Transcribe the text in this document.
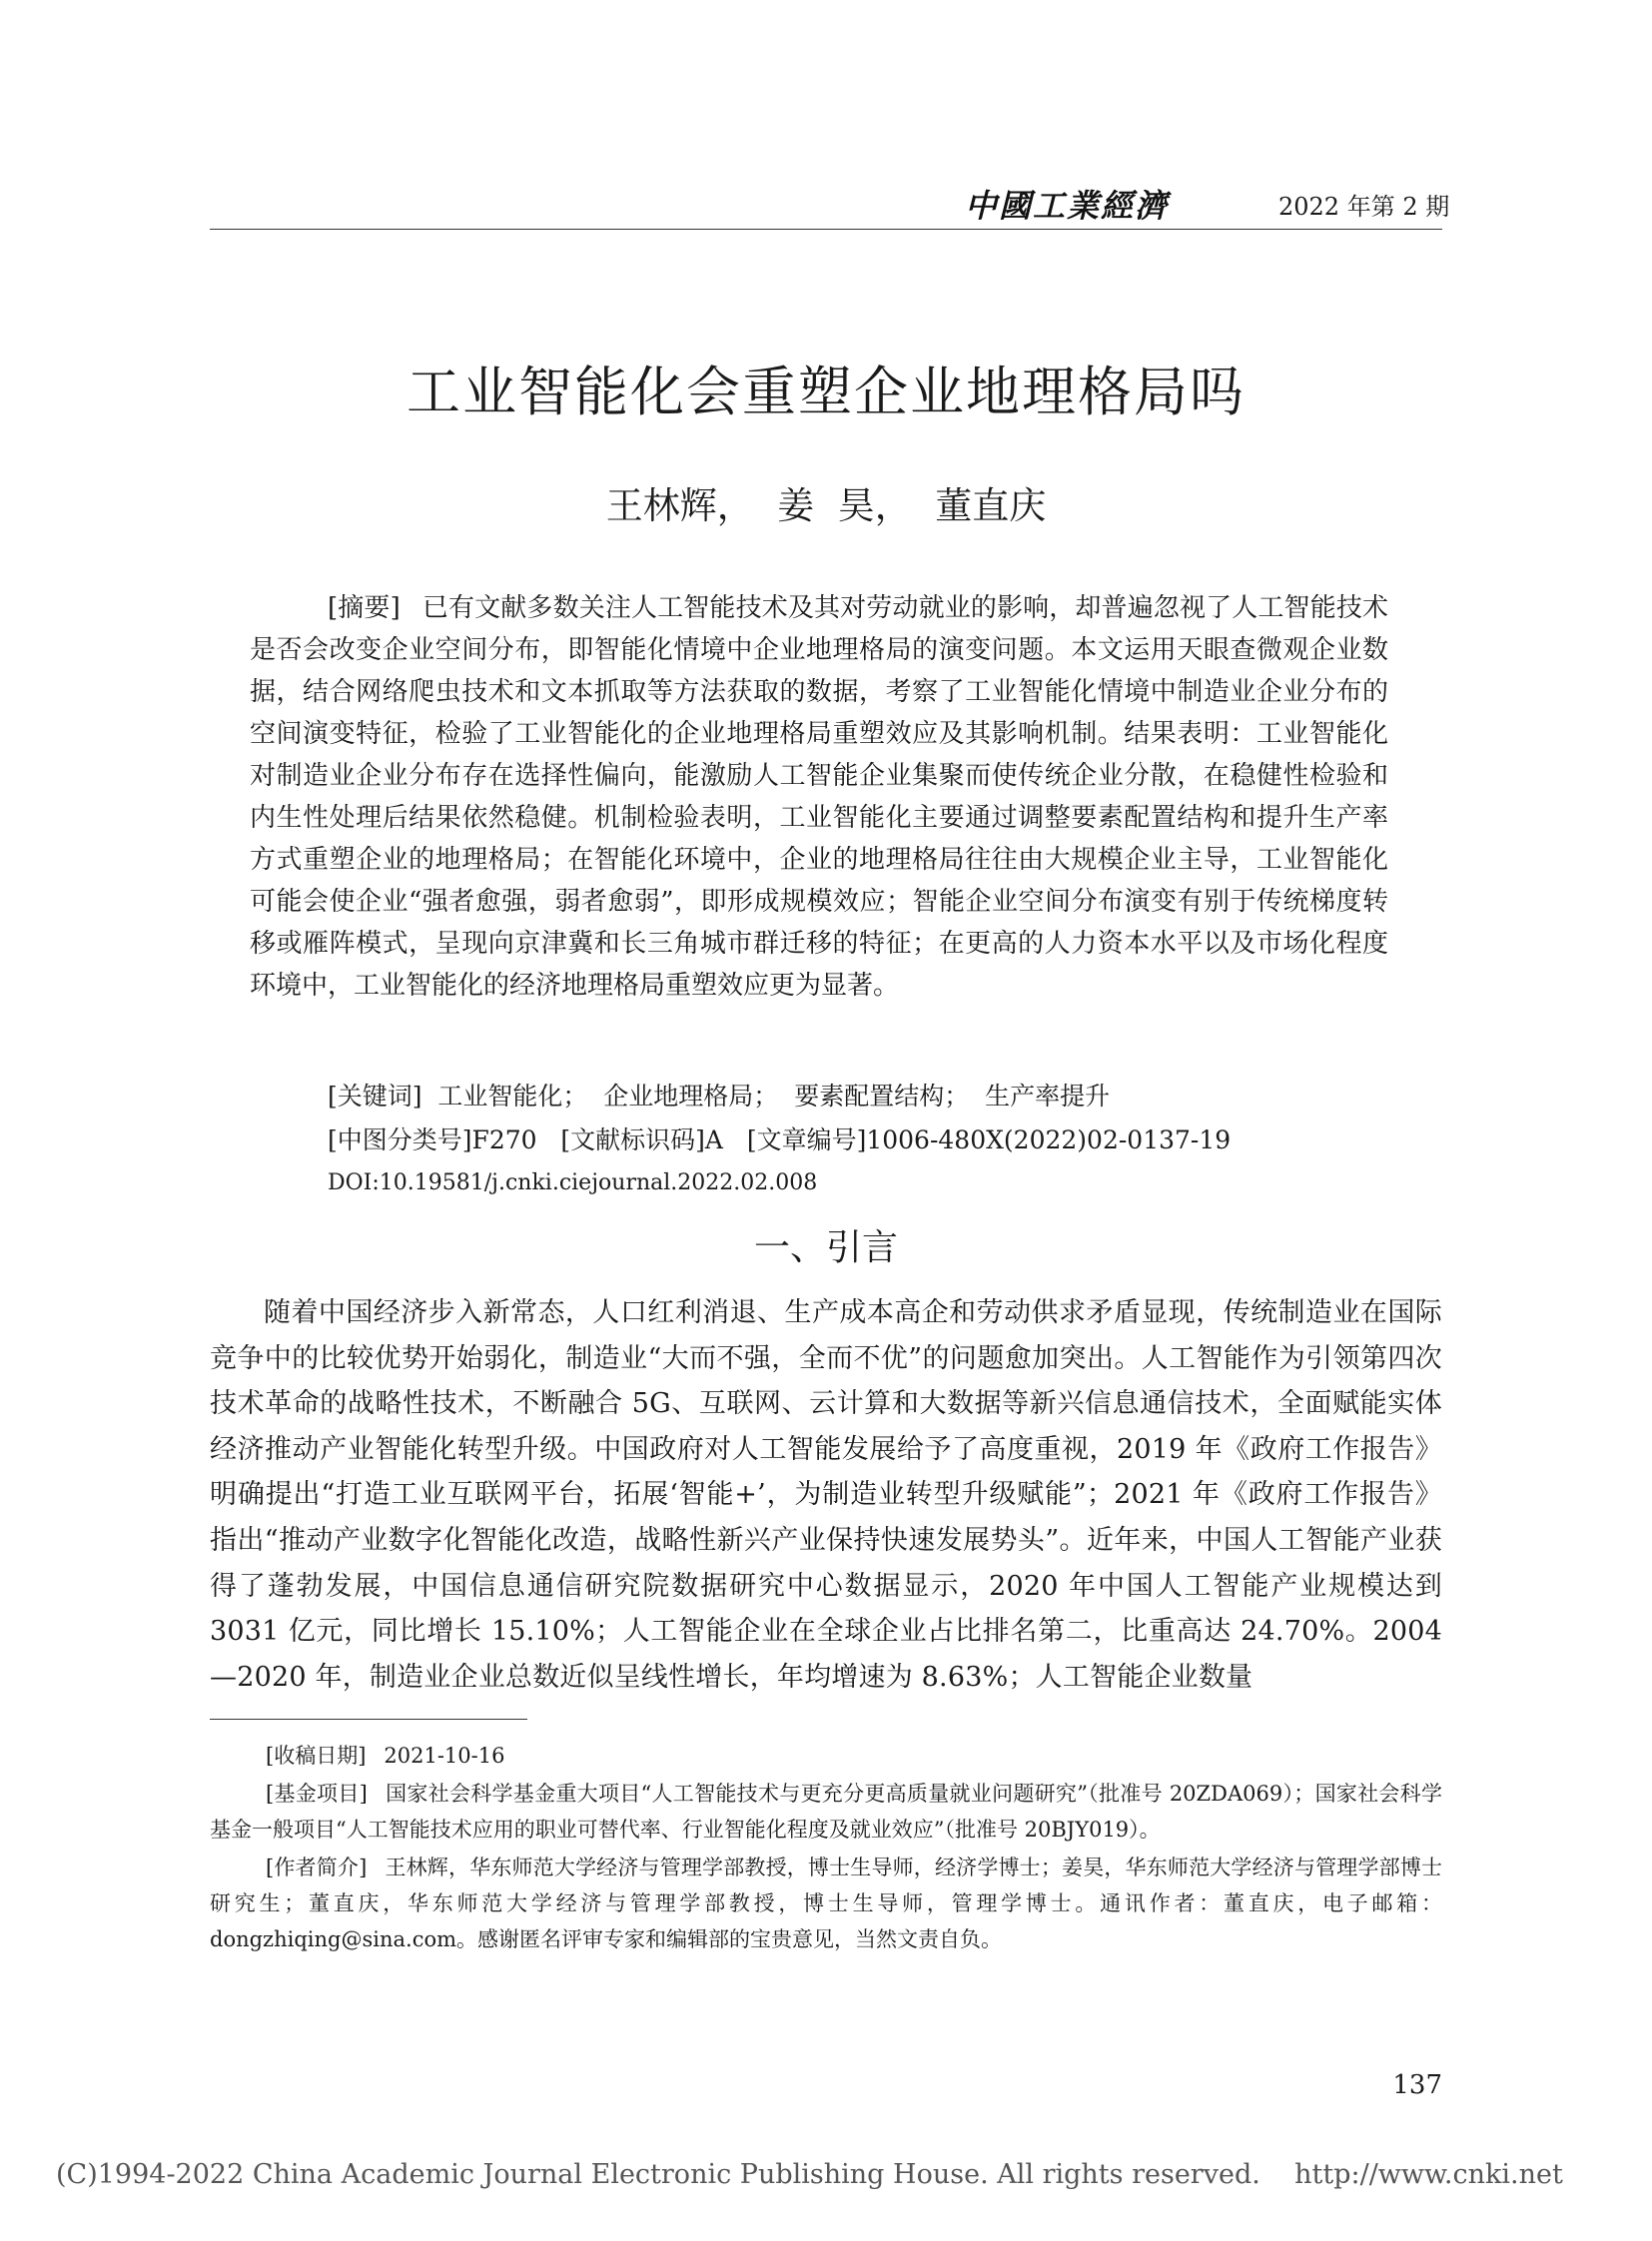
中國工業經濟	2022 年第 2 期
工业智能化会重塑企业地理格局吗
王林辉，  姜  昊，  董直庆
[摘要] 已有文献多数关注人工智能技术及其对劳动就业的影响，却普遍忽视了人工智能技术是否会改变企业空间分布，即智能化情境中企业地理格局的演变问题。本文运用天眼查微观企业数据，结合网络爬虫技术和文本抓取等方法获取的数据，考察了工业智能化情境中制造业企业分布的空间演变特征，检验了工业智能化的企业地理格局重塑效应及其影响机制。结果表明：工业智能化对制造业企业分布存在选择性偏向，能激励人工智能企业集聚而使传统企业分散，在稳健性检验和内生性处理后结果依然稳健。机制检验表明，工业智能化主要通过调整要素配置结构和提升生产率方式重塑企业的地理格局；在智能化环境中，企业的地理格局往往由大规模企业主导，工业智能化可能会使企业“强者愈强，弱者愈弱”，即形成规模效应；智能企业空间分布演变有别于传统梯度转移或雁阵模式，呈现向京津冀和长三角城市群迁移的特征；在更高的人力资本水平以及市场化程度环境中，工业智能化的经济地理格局重塑效应更为显著。
[关键词]  工业智能化；  企业地理格局；  要素配置结构；  生产率提升
[中图分类号]F270   [文献标识码]A   [文章编号]1006-480X(2022)02-0137-19
DOI:10.19581/j.cnki.ciejournal.2022.02.008
一、引言
随着中国经济步入新常态，人口红利消退、生产成本高企和劳动供求矛盾显现，传统制造业在国际竞争中的比较优势开始弱化，制造业“大而不强，全而不优”的问题愈加突出。人工智能作为引领第四次技术革命的战略性技术，不断融合 5G、互联网、云计算和大数据等新兴信息通信技术，全面赋能实体经济推动产业智能化转型升级。中国政府对人工智能发展给予了高度重视，2019 年《政府工作报告》明确提出“打造工业互联网平台，拓展‘智能+’，为制造业转型升级赋能”；2021 年《政府工作报告》指出“推动产业数字化智能化改造，战略性新兴产业保持快速发展势头”。近年来，中国人工智能产业获得了蓬勃发展，中国信息通信研究院数据研究中心数据显示，2020 年中国人工智能产业规模达到 3031 亿元，同比增长 15.10%；人工智能企业在全球企业占比排名第二，比重高达 24.70%。2004—2020 年，制造业企业总数近似呈线性增长，年均增速为 8.63%；人工智能企业数量

[收稿日期] 2021-10-16

[基金项目] 国家社会科学基金重大项目“人工智能技术与更充分更高质量就业问题研究”（批准号 20ZDA069）；国家社会科学基金一般项目“人工智能技术应用的职业可替代率、行业智能化程度及就业效应”（批准号 20BJY019）。

[作者简介] 王林辉，华东师范大学经济与管理学部教授，博士生导师，经济学博士；姜昊，华东师范大学经济与管理学部博士研究生；董直庆，华东师范大学经济与管理学部教授，博士生导师，管理学博士。通讯作者：董直庆，电子邮箱：dongzhiqing@sina.com。感谢匿名评审专家和编辑部的宝贵意见，当然文责自负。

137
(C)1994-2022 China Academic Journal Electronic Publishing House. All rights reserved.    http://www.cnki.net
